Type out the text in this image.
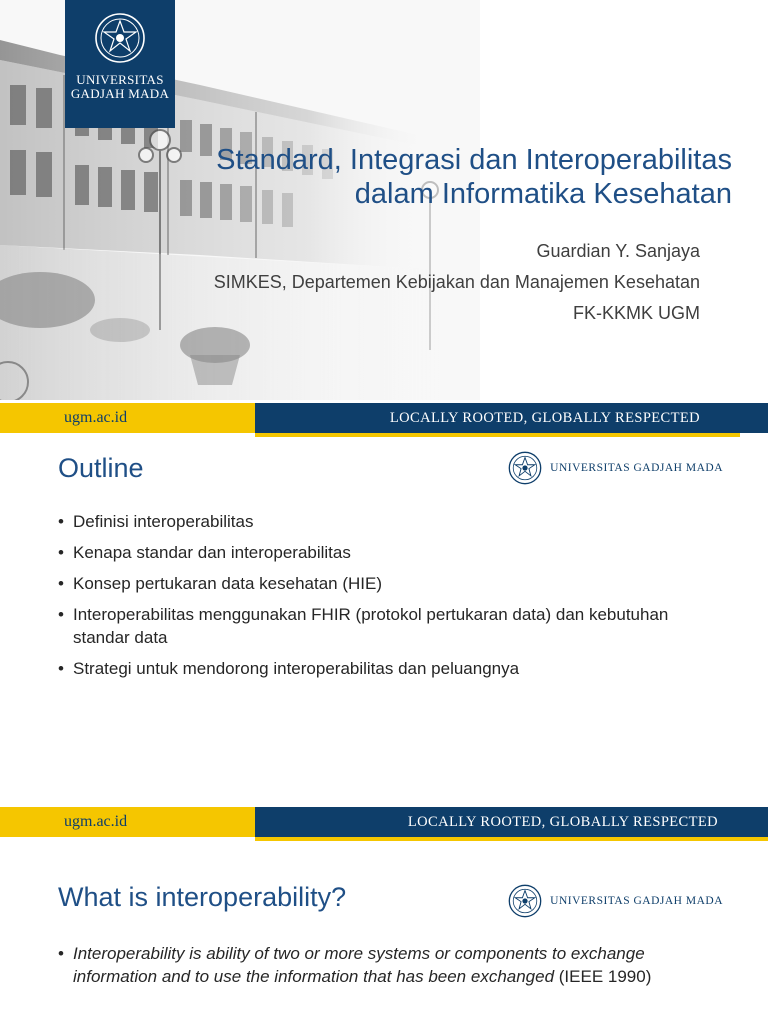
UNIVERSITAS
GADJAH MADA
Standard, Integrasi dan Interoperabilitas
dalam Informatika Kesehatan
Guardian Y. Sanjaya
SIMKES, Departemen Kebijakan dan Manajemen Kesehatan
FK-KKMK UGM
ugm.ac.id	LOCALLY ROOTED, GLOBALLY RESPECTED
Outline	UNIVERSITAS GADJAH MADA
• Definisi interoperabilitas
• Kenapa standar dan interoperabilitas
• Konsep pertukaran data kesehatan (HIE)
• Interoperabilitas menggunakan FHIR (protokol pertukaran data) dan kebutuhan standar data
• Strategi untuk mendorong interoperabilitas dan peluangnya
ugm.ac.id	LOCALLY ROOTED, GLOBALLY RESPECTED
What is interoperability?	UNIVERSITAS GADJAH MADA
• Interoperability is ability of two or more systems or components to exchange information and to use the information that has been exchanged (IEEE 1990)
